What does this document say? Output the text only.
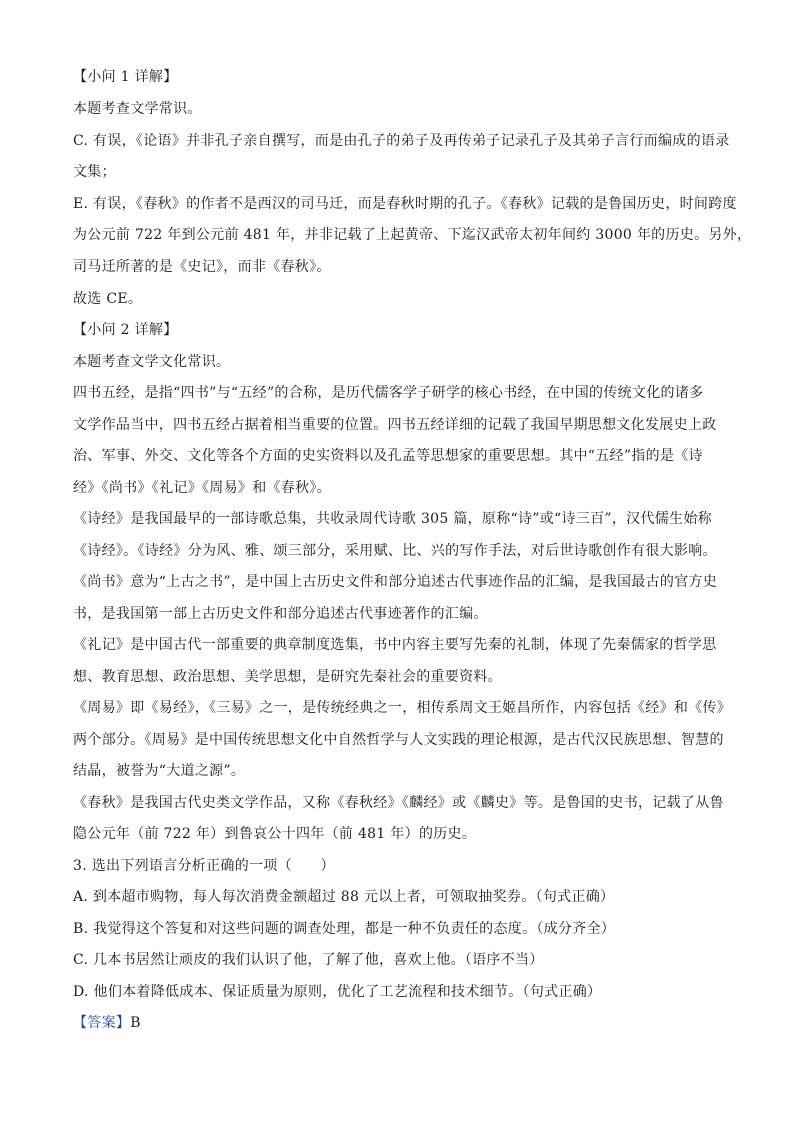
【小问 1 详解】
本题考查文学常识。
C. 有误，《论语》并非孔子亲自撰写，而是由孔子的弟子及再传弟子记录孔子及其弟子言行而编成的语录
文集；
E. 有误，《春秋》的作者不是西汉的司马迁，而是春秋时期的孔子。《春秋》记载的是鲁国历史，时间跨度
为公元前 722 年到公元前 481 年，并非记载了上起黄帝、下迄汉武帝太初年间约 3000 年的历史。另外，
司马迁所著的是《史记》，而非《春秋》。
故选 CE。
【小问 2 详解】
本题考查文学文化常识。
四书五经，是指“四书”与“五经”的合称，是历代儒客学子研学的核心书经，在中国的传统文化的诸多
文学作品当中，四书五经占据着相当重要的位置。四书五经详细的记载了我国早期思想文化发展史上政
治、军事、外交、文化等各个方面的史实资料以及孔孟等思想家的重要思想。其中“五经”指的是《诗
经》《尚书》《礼记》《周易》和《春秋》。
《诗经》是我国最早的一部诗歌总集，共收录周代诗歌 305 篇，原称“诗”或“诗三百”，汉代儒生始称
《诗经》。《诗经》分为风、雅、颂三部分，采用赋、比、兴的写作手法，对后世诗歌创作有很大影响。
《尚书》意为“上古之书”，是中国上古历史文件和部分追述古代事迹作品的汇编，是我国最古的官方史
书，是我国第一部上古历史文件和部分追述古代事迹著作的汇编。
《礼记》是中国古代一部重要的典章制度选集，书中内容主要写先秦的礼制，体现了先秦儒家的哲学思
想、教育思想、政治思想、美学思想，是研究先秦社会的重要资料。
《周易》即《易经》，《三易》之一，是传统经典之一，相传系周文王姬昌所作，内容包括《经》和《传》
两个部分。《周易》是中国传统思想文化中自然哲学与人文实践的理论根源，是古代汉民族思想、智慧的
结晶，被誉为“大道之源”。
《春秋》是我国古代史类文学作品，又称《春秋经》《麟经》或《麟史》等。是鲁国的史书，记载了从鲁
隐公元年（前 722 年）到鲁哀公十四年（前 481 年）的历史。
3. 选出下列语言分析正确的一项（　　）
A. 到本超市购物，每人每次消费金额超过 88 元以上者，可领取抽奖券。（句式正确）
B. 我觉得这个答复和对这些问题的调查处理，都是一种不负责任的态度。（成分齐全）
C. 几本书居然让顽皮的我们认识了他，了解了他，喜欢上他。（语序不当）
D. 他们本着降低成本、保证质量为原则，优化了工艺流程和技术细节。（句式正确）
【答案】B
